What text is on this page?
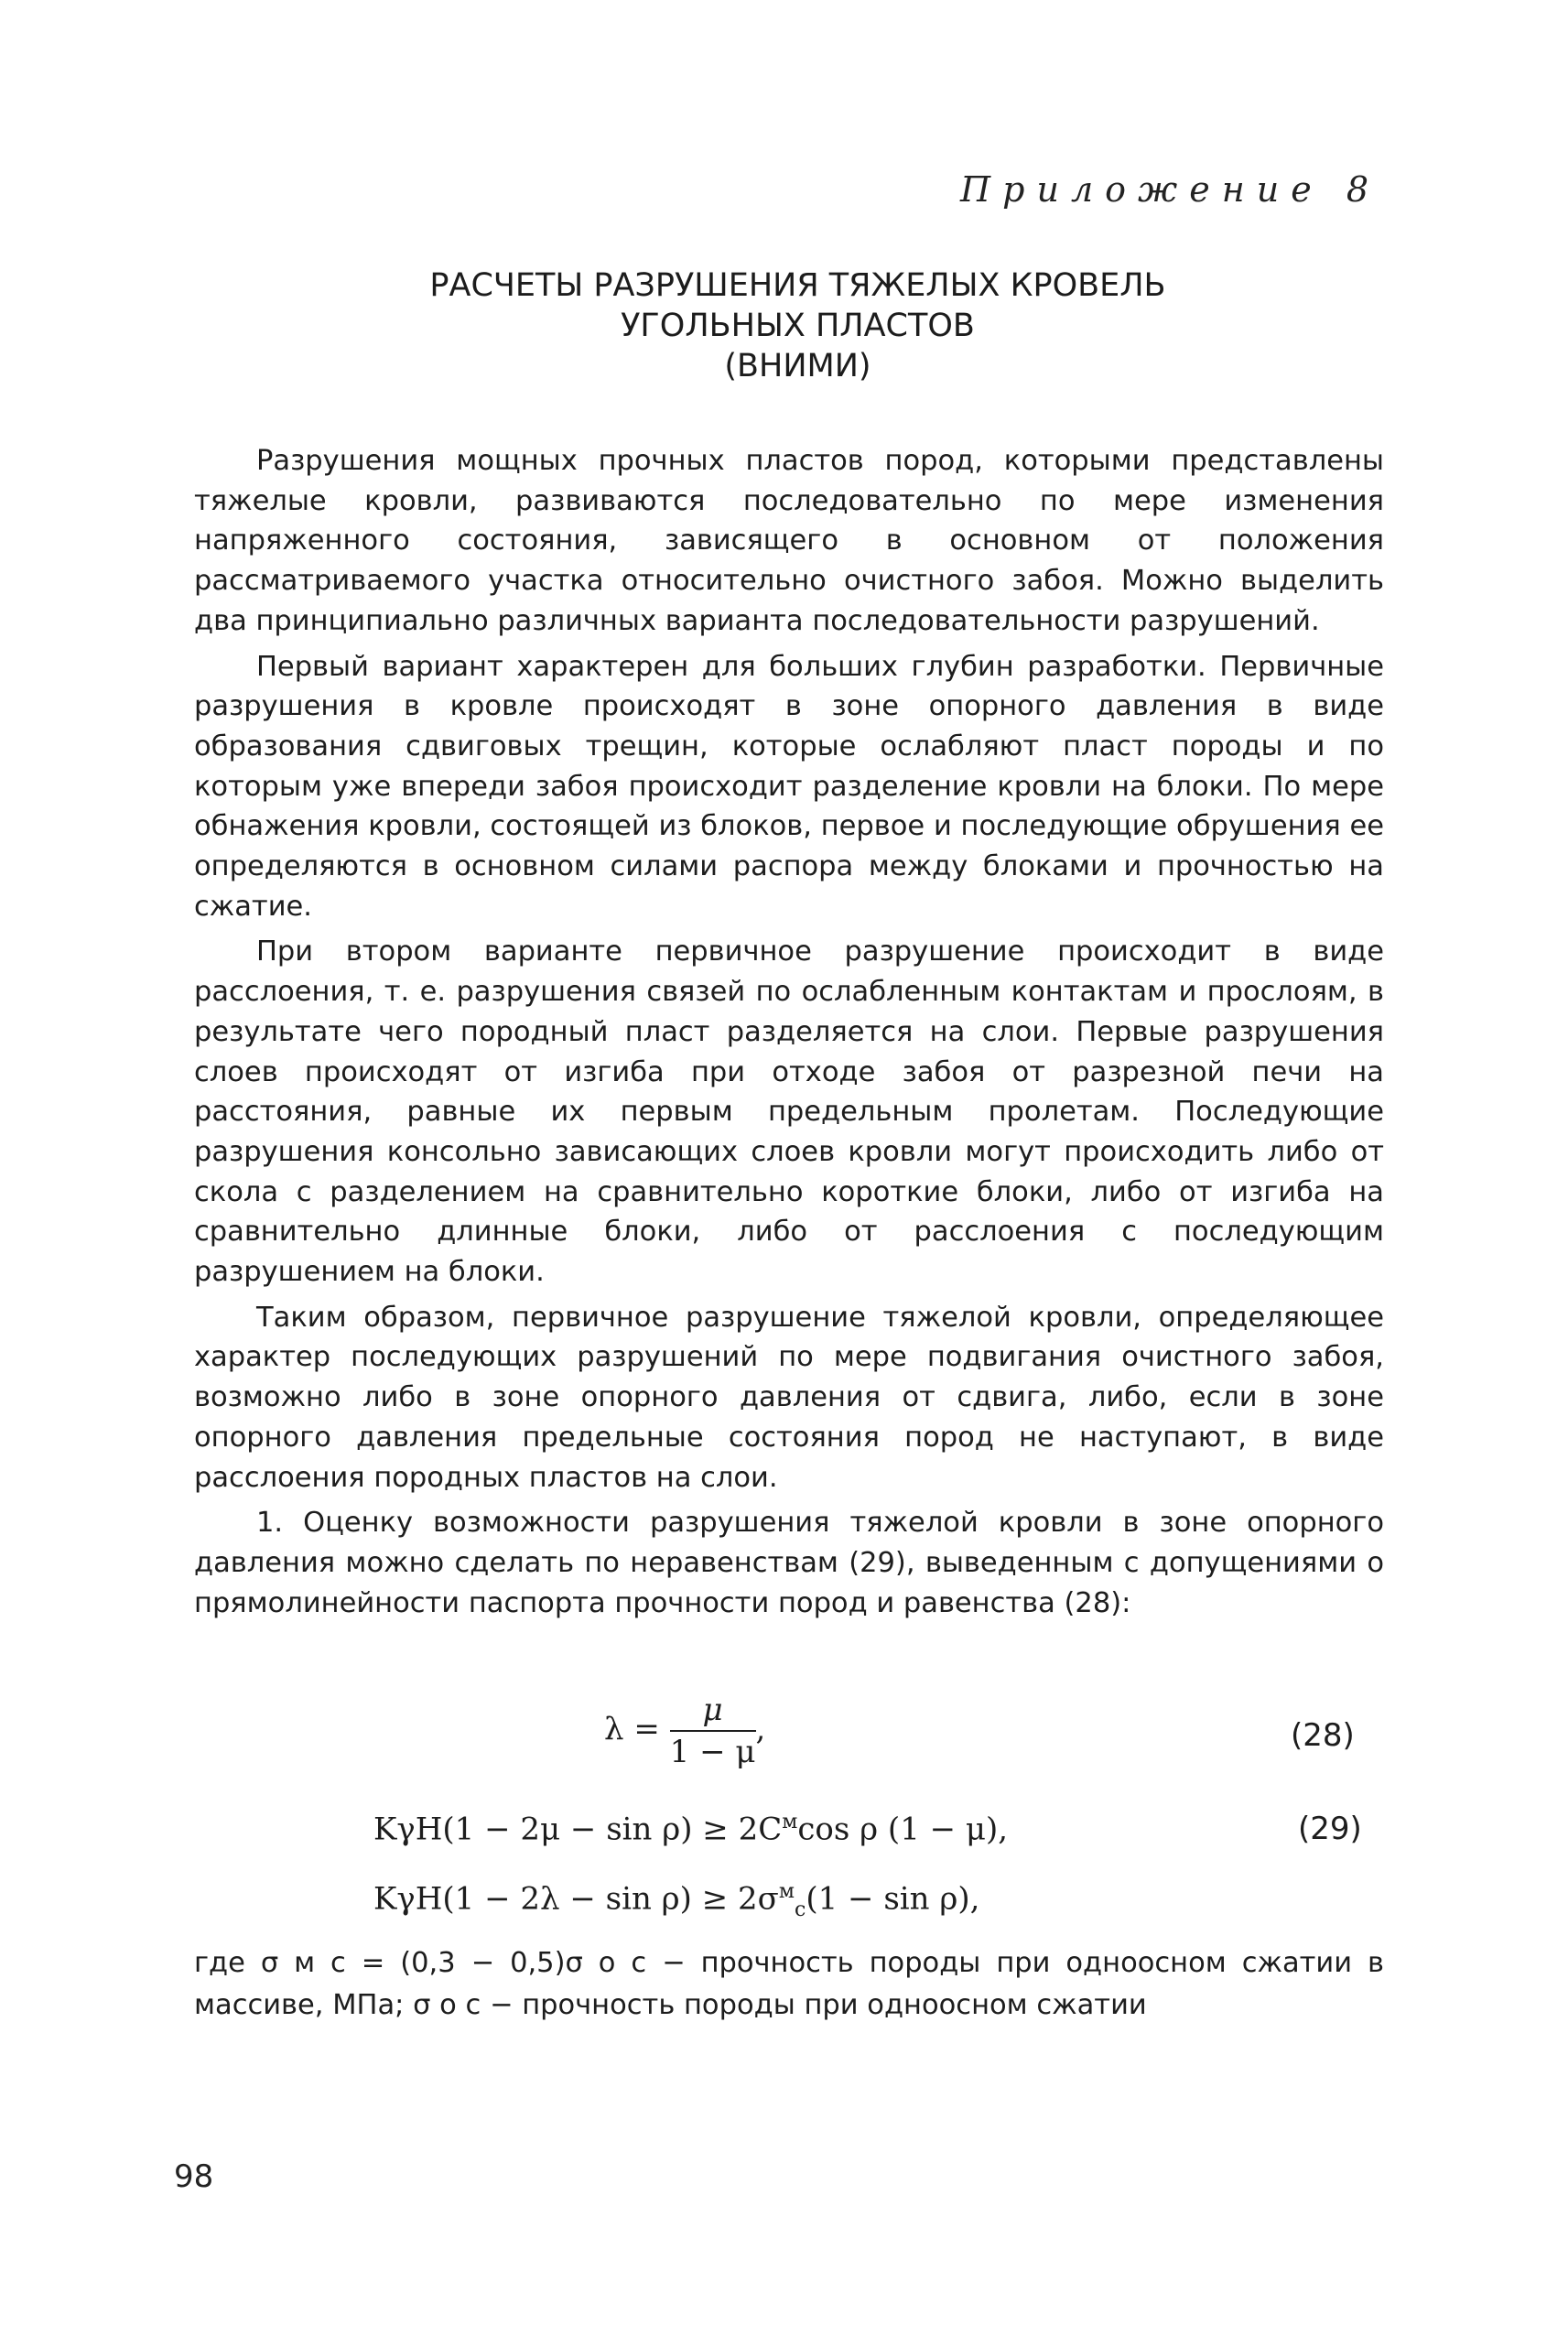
Приложение 8
РАСЧЕТЫ РАЗРУШЕНИЯ ТЯЖЕЛЫХ КРОВЕЛЬ
УГОЛЬНЫХ ПЛАСТОВ
(ВНИМИ)

Разрушения мощных прочных пластов пород, которыми представлены тяжелые кровли, развиваются последовательно по мере изменения напряженного состояния, зависящего в основном от положения рассматриваемого участка относительно очистного забоя. Можно выделить два принципиально различных варианта последовательности разрушений.

Первый вариант характерен для больших глубин разработки. Первичные разрушения в кровле происходят в зоне опорного давления в виде образования сдвиговых трещин, которые ослабляют пласт породы и по которым уже впереди забоя происходит разделение кровли на блоки. По мере обнажения кровли, состоящей из блоков, первое и последующие обрушения ее определяются в основном силами распора между блоками и прочностью на сжатие.

При втором варианте первичное разрушение происходит в виде расслоения, т. е. разрушения связей по ослабленным контактам и прослоям, в результате чего породный пласт разделяется на слои. Первые разрушения слоев происходят от изгиба при отходе забоя от разрезной печи на расстояния, равные их первым предельным пролетам. Последующие разрушения консольно зависающих слоев кровли могут происходить либо от скола с разделением на сравнительно короткие блоки, либо от изгиба на сравнительно длинные блоки, либо от расслоения с последующим разрушением на блоки.

Таким образом, первичное разрушение тяжелой кровли, определяющее характер последующих разрушений по мере подвигания очистного забоя, возможно либо в зоне опорного давления от сдвига, либо, если в зоне опорного давления предельные состояния пород не наступают, в виде расслоения породных пластов на слои.

1. Оценку возможности разрушения тяжелой кровли в зоне опорного давления можно сделать по неравенствам (29), выведенным с допущениями о прямолинейности паспорта прочности пород и равенства (28):

$\lambda = \frac{\mu}{1 - \mu}$ ,	(28)
$K\gamma H(1 - 2\mu - \sin \rho) \ge 2C^м\cos$ ρ (1 − μ),	(29)
$K\gamma H(1 - 2\lambda - \sin \rho) \ge 2\sigma^м_с(1 - \sin \rho)$,

где σ м с = (0,3 − 0,5)σ о с − прочность породы при одноосном сжатии в массиве, МПа; σ о с − прочность породы при одноосном сжатии

98
